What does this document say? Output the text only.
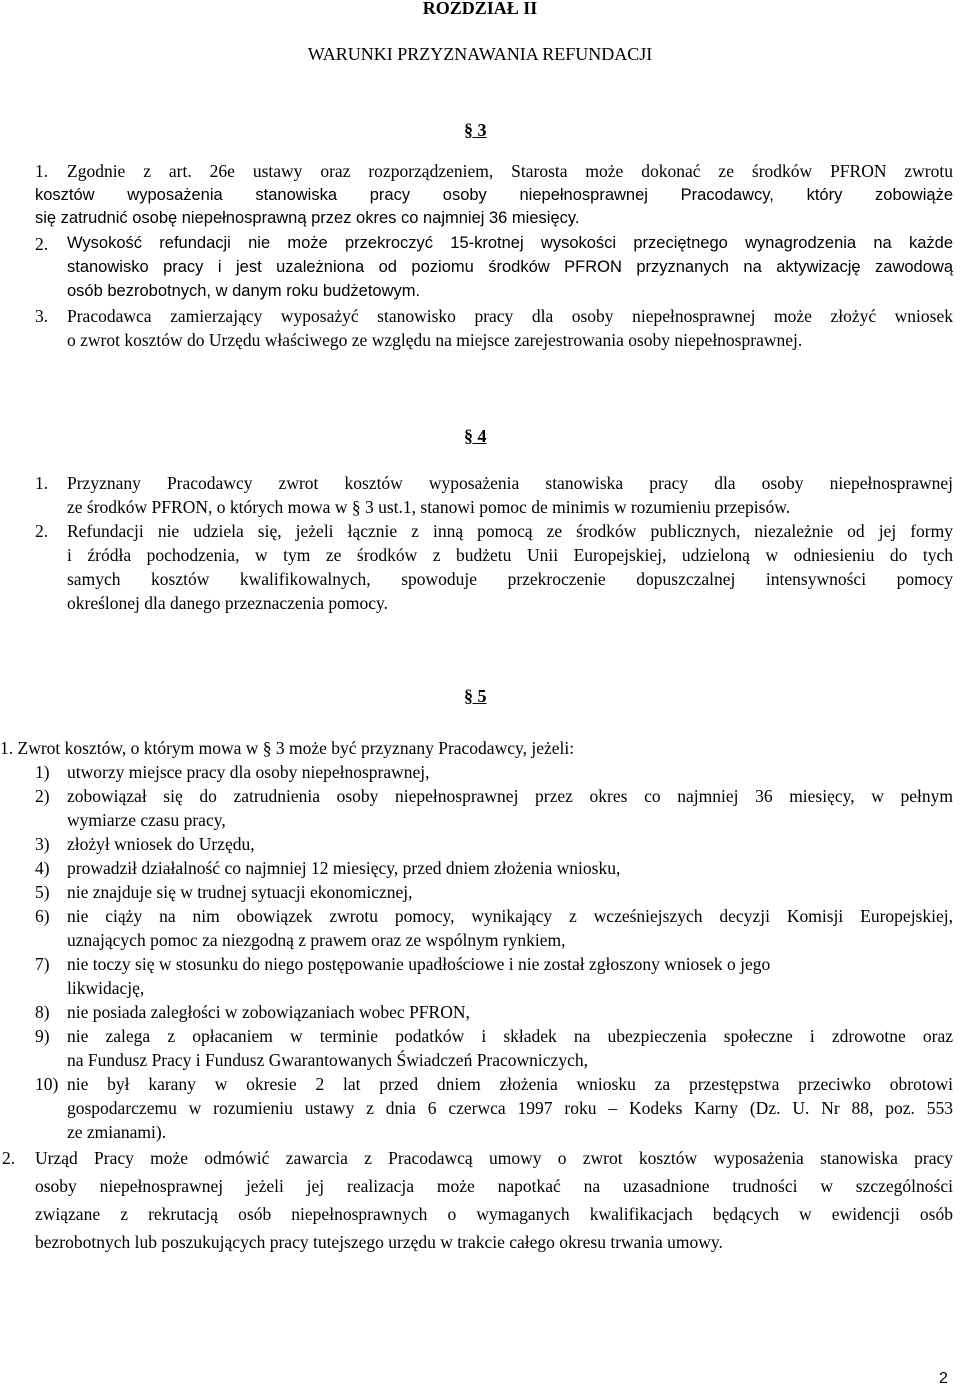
ROZDZIAŁ II
WARUNKI PRZYZNAWANIA REFUNDACJI
§ 3
1. Zgodnie z art. 26e ustawy oraz rozporządzeniem, Starosta może dokonać ze środków PFRON zwrotu
kosztów wyposażenia stanowiska pracy osoby niepełnosprawnej Pracodawcy, który zobowiąże
się zatrudnić osobę niepełnosprawną przez okres co najmniej 36 miesięcy.
2. Wysokość refundacji nie może przekroczyć 15-krotnej wysokości przeciętnego wynagrodzenia na każde
stanowisko pracy i jest uzależniona od poziomu środków PFRON przyznanych na aktywizację zawodową
osób bezrobotnych, w danym roku budżetowym.
3. Pracodawca zamierzający wyposażyć stanowisko pracy dla osoby niepełnosprawnej może złożyć wniosek
o zwrot kosztów do Urzędu właściwego ze względu na miejsce zarejestrowania osoby niepełnosprawnej.
§ 4
1. Przyznany Pracodawcy zwrot kosztów wyposażenia stanowiska pracy dla osoby niepełnosprawnej
ze środków PFRON, o których mowa w § 3 ust.1, stanowi pomoc de minimis w rozumieniu przepisów.
2. Refundacji nie udziela się, jeżeli łącznie z inną pomocą ze środków publicznych, niezależnie od jej formy
i źródła pochodzenia, w tym ze środków z budżetu Unii Europejskiej, udzieloną w odniesieniu do tych
samych kosztów kwalifikowalnych, spowoduje przekroczenie dopuszczalnej intensywności pomocy
określonej dla danego przeznaczenia pomocy.
§ 5
1. Zwrot kosztów, o którym mowa w § 3 może być przyznany Pracodawcy, jeżeli:
1) utworzy miejsce pracy dla osoby niepełnosprawnej,
2) zobowiązał się do zatrudnienia osoby niepełnosprawnej przez okres co najmniej 36 miesięcy, w pełnym
wymiarze czasu pracy,
3) złożył wniosek do Urzędu,
4) prowadził działalność co najmniej 12 miesięcy, przed dniem złożenia wniosku,
5) nie znajduje się w trudnej sytuacji ekonomicznej,
6) nie ciąży na nim obowiązek zwrotu pomocy, wynikający z wcześniejszych decyzji Komisji Europejskiej,
uznających pomoc za niezgodną z prawem oraz ze wspólnym rynkiem,
7) nie toczy się w stosunku do niego postępowanie upadłościowe i nie został zgłoszony wniosek o jego
likwidację,
8) nie posiada zaległości w zobowiązaniach wobec PFRON,
9) nie zalega z opłacaniem w terminie podatków i składek na ubezpieczenia społeczne i zdrowotne oraz
na Fundusz Pracy i Fundusz Gwarantowanych Świadczeń Pracowniczych,
10) nie był karany w okresie 2 lat przed dniem złożenia wniosku za przestępstwa przeciwko obrotowi
gospodarczemu w rozumieniu ustawy z dnia 6 czerwca 1997 roku – Kodeks Karny (Dz. U. Nr 88, poz. 553
ze zmianami).
2. Urząd Pracy może odmówić zawarcia z Pracodawcą umowy o zwrot kosztów wyposażenia stanowiska pracy
osoby niepełnosprawnej jeżeli jej realizacja może napotkać na uzasadnione trudności w szczególności
związane z rekrutacją osób niepełnosprawnych o wymaganych kwalifikacjach będących w ewidencji osób
bezrobotnych lub poszukujących pracy tutejszego urzędu w trakcie całego okresu trwania umowy.
2
